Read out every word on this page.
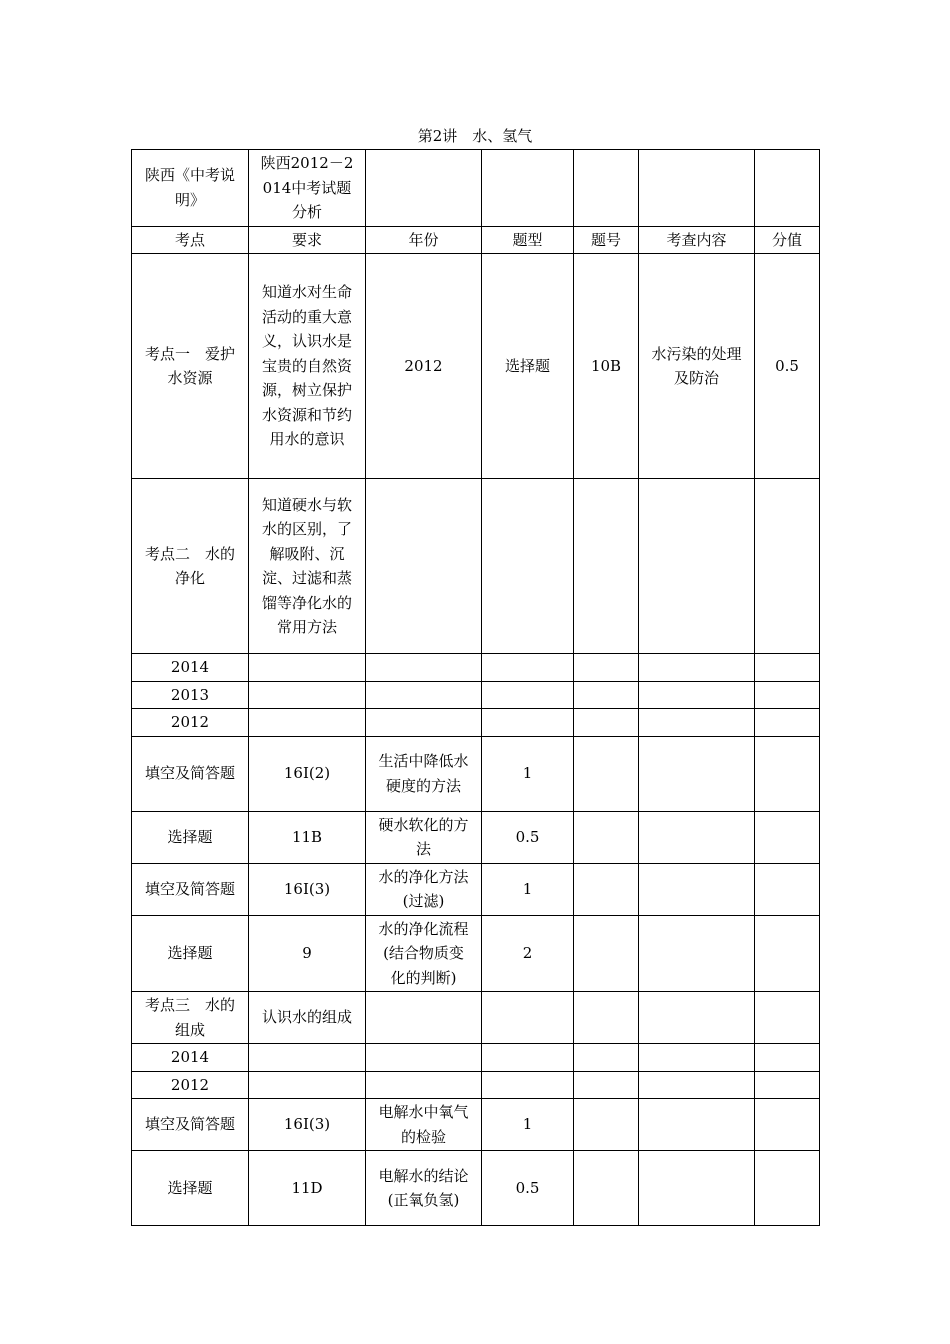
第2讲　水、氢气
陕西《中考说明》	陕西2012－2014中考试题分析					
考点	要求	年份	题型	题号	考查内容	分值
考点一　爱护水资源	知道水对生命活动的重大意义，认识水是宝贵的自然资源，树立保护水资源和节约用水的意识	2012	选择题	10B	水污染的处理及防治	0.5
考点二　水的净化	知道硬水与软水的区别，了解吸附、沉淀、过滤和蒸馏等净化水的常用方法					
2014						
2013						
2012						
填空及简答题	16I(2)	生活中降低水硬度的方法	1			
选择题	11B	硬水软化的方法	0.5			
填空及简答题	16I(3)	水的净化方法(过滤)	1			
选择题	9	水的净化流程(结合物质变化的判断)	2			
考点三　水的组成	认识水的组成					
2014						
2012						
填空及简答题	16I(3)	电解水中氧气的检验	1			
选择题	11D	电解水的结论(正氧负氢)	0.5			
